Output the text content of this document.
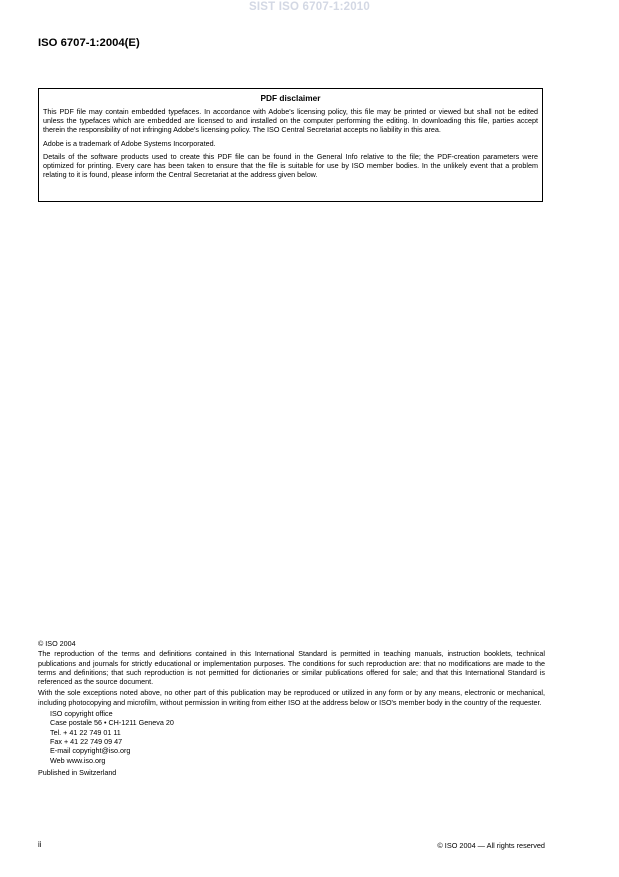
SIST ISO 6707-1:2010
ISO 6707-1:2004(E)
PDF disclaimer

This PDF file may contain embedded typefaces. In accordance with Adobe's licensing policy, this file may be printed or viewed but shall not be edited unless the typefaces which are embedded are licensed to and installed on the computer performing the editing. In downloading this file, parties accept therein the responsibility of not infringing Adobe's licensing policy. The ISO Central Secretariat accepts no liability in this area.

Adobe is a trademark of Adobe Systems Incorporated.

Details of the software products used to create this PDF file can be found in the General Info relative to the file; the PDF-creation parameters were optimized for printing. Every care has been taken to ensure that the file is suitable for use by ISO member bodies. In the unlikely event that a problem relating to it is found, please inform the Central Secretariat at the address given below.

© ISO 2004

The reproduction of the terms and definitions contained in this International Standard is permitted in teaching manuals, instruction booklets, technical publications and journals for strictly educational or implementation purposes. The conditions for such reproduction are: that no modifications are made to the terms and definitions; that such reproduction is not permitted for dictionaries or similar publications offered for sale; and that this International Standard is referenced as the source document.

With the sole exceptions noted above, no other part of this publication may be reproduced or utilized in any form or by any means, electronic or mechanical, including photocopying and microfilm, without permission in writing from either ISO at the address below or ISO's member body in the country of the requester.

ISO copyright office
Case postale 56 • CH-1211 Geneva 20
Tel. + 41 22 749 01 11
Fax + 41 22 749 09 47
E-mail copyright@iso.org
Web www.iso.org
Published in Switzerland
ii	© ISO 2004 — All rights reserved
